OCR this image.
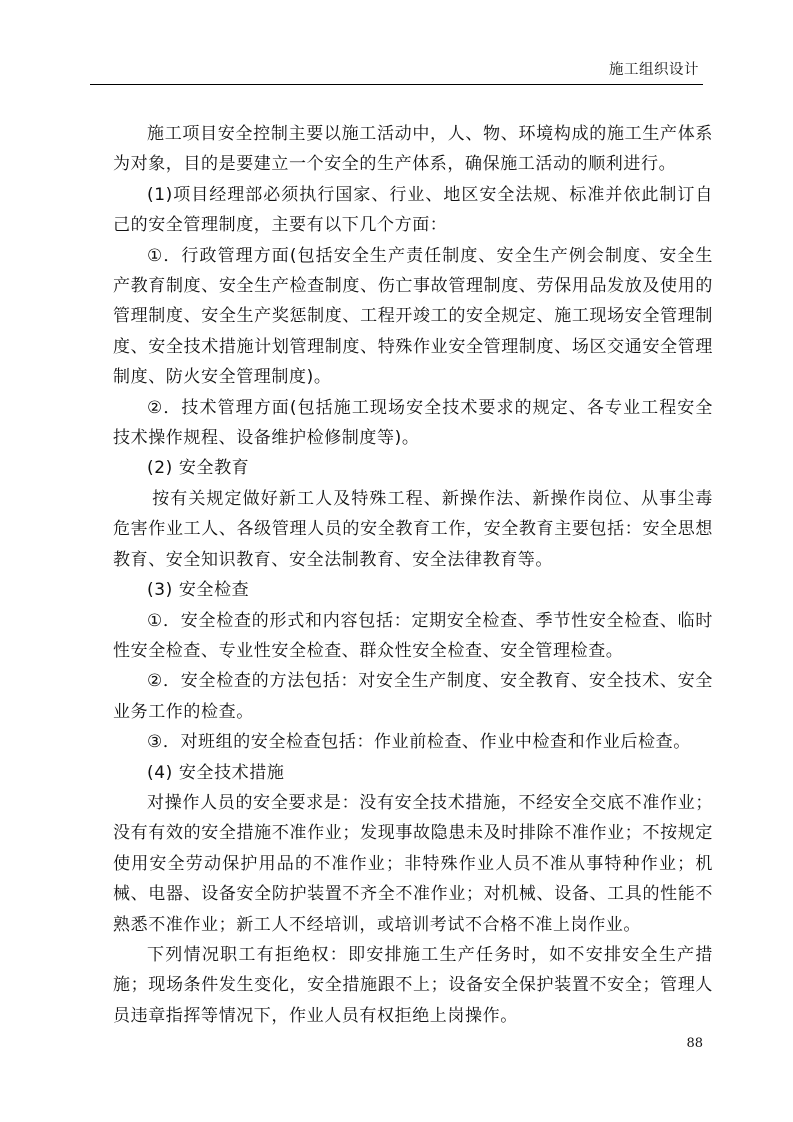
施工组织设计

施工项目安全控制主要以施工活动中，人、物、环境构成的施工生产体系为对象，目的是要建立一个安全的生产体系，确保施工活动的顺利进行。

(1)项目经理部必须执行国家、行业、地区安全法规、标准并依此制订自己的安全管理制度，主要有以下几个方面：

①．行政管理方面(包括安全生产责任制度、安全生产例会制度、安全生产教育制度、安全生产检查制度、伤亡事故管理制度、劳保用品发放及使用的管理制度、安全生产奖惩制度、工程开竣工的安全规定、施工现场安全管理制度、安全技术措施计划管理制度、特殊作业安全管理制度、场区交通安全管理制度、防火安全管理制度)。

②．技术管理方面(包括施工现场安全技术要求的规定、各专业工程安全技术操作规程、设备维护检修制度等)。

(2) 安全教育

按有关规定做好新工人及特殊工程、新操作法、新操作岗位、从事尘毒危害作业工人、各级管理人员的安全教育工作，安全教育主要包括：安全思想教育、安全知识教育、安全法制教育、安全法律教育等。

(3) 安全检查

①．安全检查的形式和内容包括：定期安全检查、季节性安全检查、临时性安全检查、专业性安全检查、群众性安全检查、安全管理检查。

②．安全检查的方法包括：对安全生产制度、安全教育、安全技术、安全业务工作的检查。

③．对班组的安全检查包括：作业前检查、作业中检查和作业后检查。

(4) 安全技术措施

对操作人员的安全要求是：没有安全技术措施，不经安全交底不准作业；没有有效的安全措施不准作业；发现事故隐患未及时排除不准作业；不按规定使用安全劳动保护用品的不准作业；非特殊作业人员不准从事特种作业；机械、电器、设备安全防护装置不齐全不准作业；对机械、设备、工具的性能不熟悉不准作业；新工人不经培训，或培训考试不合格不准上岗作业。

下列情况职工有拒绝权：即安排施工生产任务时，如不安排安全生产措施；现场条件发生变化，安全措施跟不上；设备安全保护装置不安全；管理人员违章指挥等情况下，作业人员有权拒绝上岗操作。

88
